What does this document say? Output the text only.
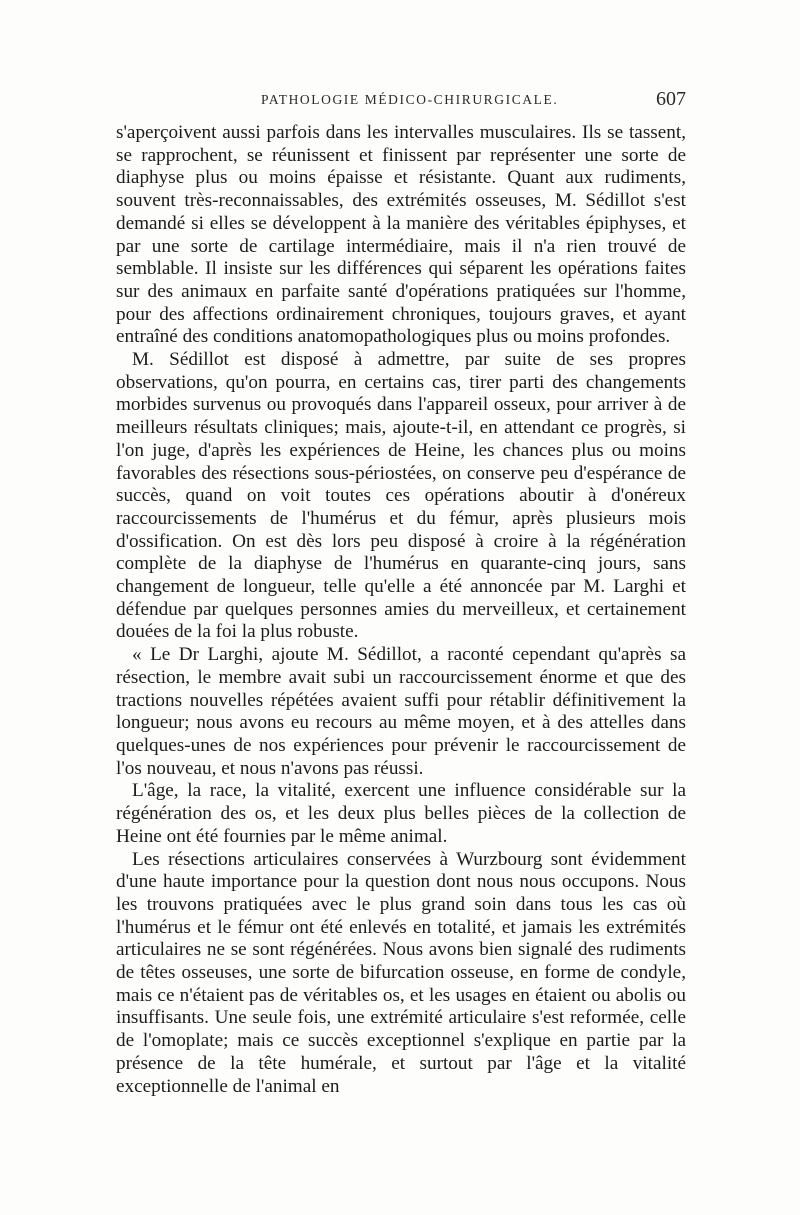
PATHOLOGIE MÉDICO-CHIRURGICALE.	607

s'aperçoivent aussi parfois dans les intervalles musculaires. Ils se tassent, se rapprochent, se réunissent et finissent par représenter une sorte de diaphyse plus ou moins épaisse et résistante. Quant aux rudiments, souvent très-reconnaissables, des extrémités osseuses, M. Sédillot s'est demandé si elles se développent à la manière des véritables épiphyses, et par une sorte de cartilage intermédiaire, mais il n'a rien trouvé de semblable. Il insiste sur les différences qui séparent les opérations faites sur des animaux en parfaite santé d'opérations pratiquées sur l'homme, pour des affections ordinairement chroniques, toujours graves, et ayant entraîné des conditions anatomopathologiques plus ou moins profondes.

M. Sédillot est disposé à admettre, par suite de ses propres observations, qu'on pourra, en certains cas, tirer parti des changements morbides survenus ou provoqués dans l'appareil osseux, pour arriver à de meilleurs résultats cliniques; mais, ajoute-t-il, en attendant ce progrès, si l'on juge, d'après les expériences de Heine, les chances plus ou moins favorables des résections sous-périostées, on conserve peu d'espérance de succès, quand on voit toutes ces opérations aboutir à d'onéreux raccourcissements de l'humérus et du fémur, après plusieurs mois d'ossification. On est dès lors peu disposé à croire à la régénération complète de la diaphyse de l'humérus en quarante-cinq jours, sans changement de longueur, telle qu'elle a été annoncée par M. Larghi et défendue par quelques personnes amies du merveilleux, et certainement douées de la foi la plus robuste.

« Le Dr Larghi, ajoute M. Sédillot, a raconté cependant qu'après sa résection, le membre avait subi un raccourcissement énorme et que des tractions nouvelles répétées avaient suffi pour rétablir définitivement la longueur; nous avons eu recours au même moyen, et à des attelles dans quelques-unes de nos expériences pour prévenir le raccourcissement de l'os nouveau, et nous n'avons pas réussi.

L'âge, la race, la vitalité, exercent une influence considérable sur la régénération des os, et les deux plus belles pièces de la collection de Heine ont été fournies par le même animal.

Les résections articulaires conservées à Wurzbourg sont évidemment d'une haute importance pour la question dont nous nous occupons. Nous les trouvons pratiquées avec le plus grand soin dans tous les cas où l'humérus et le fémur ont été enlevés en totalité, et jamais les extrémités articulaires ne se sont régénérées. Nous avons bien signalé des rudiments de têtes osseuses, une sorte de bifurcation osseuse, en forme de condyle, mais ce n'étaient pas de véritables os, et les usages en étaient ou abolis ou insuffisants. Une seule fois, une extrémité articulaire s'est reformée, celle de l'omoplate; mais ce succès exceptionnel s'explique en partie par la présence de la tête humérale, et surtout par l'âge et la vitalité exceptionnelle de l'animal en
